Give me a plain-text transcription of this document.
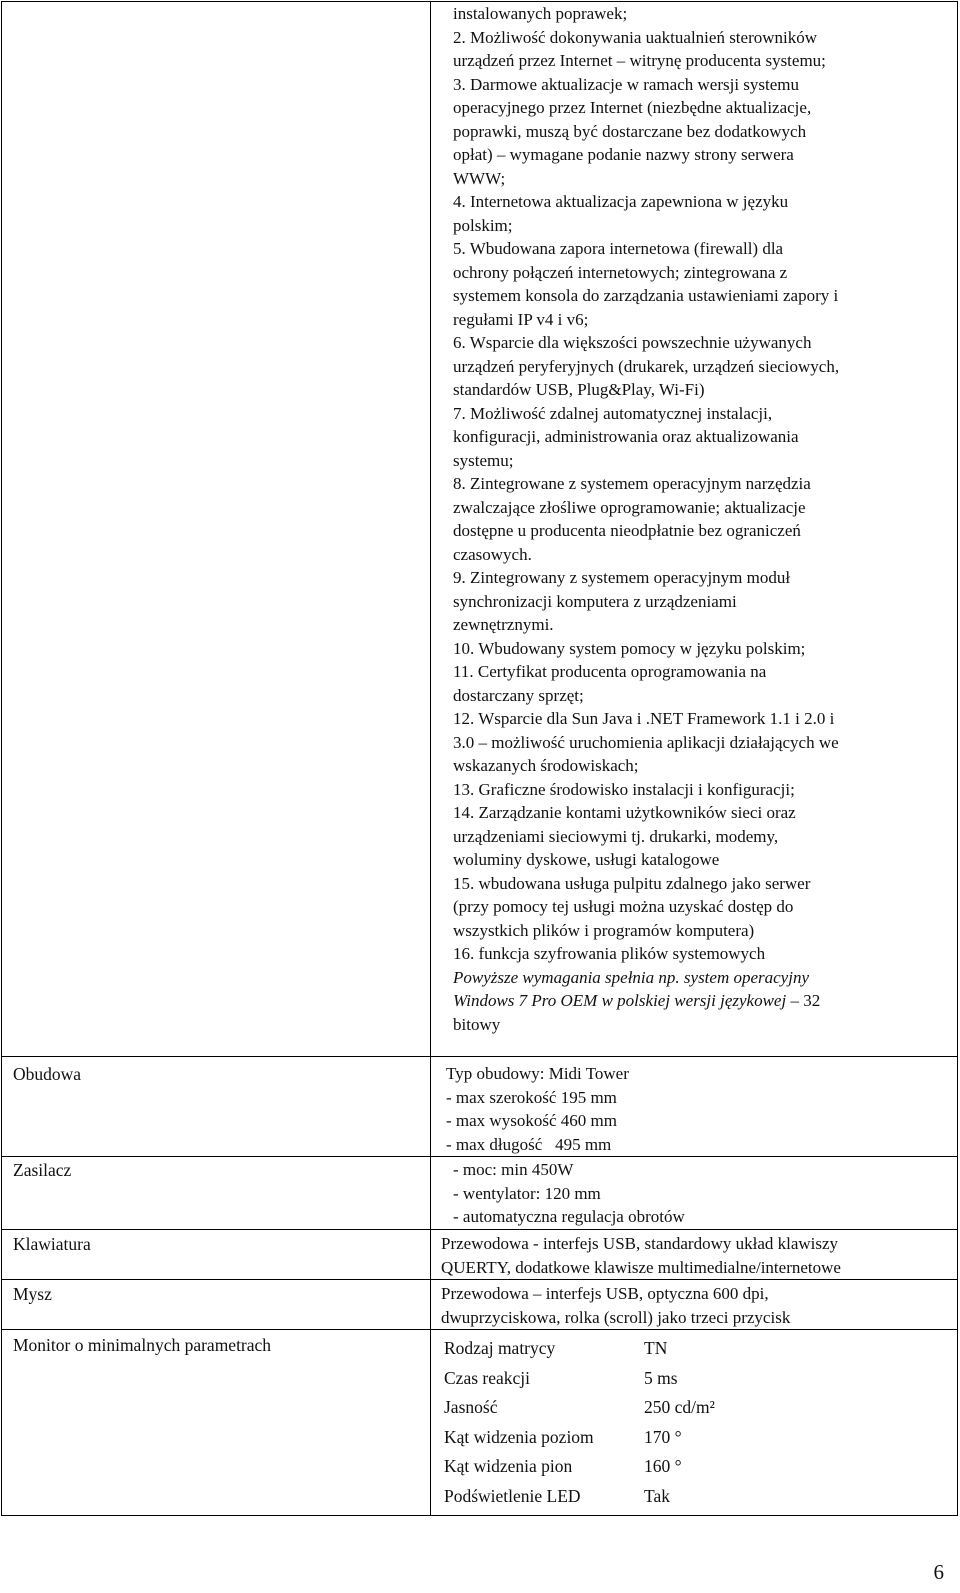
instalowanych poprawek;
2. Możliwość dokonywania uaktualnień sterowników
urządzeń przez Internet – witrynę producenta systemu;
3. Darmowe aktualizacje w ramach wersji systemu
operacyjnego przez Internet (niezbędne aktualizacje,
poprawki, muszą być dostarczane bez dodatkowych
opłat) – wymagane podanie nazwy strony serwera
WWW;
4. Internetowa aktualizacja zapewniona w języku
polskim;
5. Wbudowana zapora internetowa (firewall) dla
ochrony połączeń internetowych; zintegrowana z
systemem konsola do zarządzania ustawieniami zapory i
regułami IP v4 i v6;
6. Wsparcie dla większości powszechnie używanych
urządzeń peryferyjnych (drukarek, urządzeń sieciowych,
standardów USB, Plug&Play, Wi-Fi)
7. Możliwość zdalnej automatycznej instalacji,
konfiguracji, administrowania oraz aktualizowania
systemu;
8. Zintegrowane z systemem operacyjnym narzędzia
zwalczające złośliwe oprogramowanie; aktualizacje
dostępne u producenta nieodpłatnie bez ograniczeń
czasowych.
9. Zintegrowany z systemem operacyjnym moduł
synchronizacji komputera z urządzeniami
zewnętrznymi.
10. Wbudowany system pomocy w języku polskim;
11. Certyfikat producenta oprogramowania na
dostarczany sprzęt;
12. Wsparcie dla Sun Java i .NET Framework 1.1 i 2.0 i
3.0 – możliwość uruchomienia aplikacji działających we
wskazanych środowiskach;
13. Graficzne środowisko instalacji i konfiguracji;
14. Zarządzanie kontami użytkowników sieci oraz
urządzeniami sieciowymi tj. drukarki, modemy,
woluminy dyskowe, usługi katalogowe
15. wbudowana usługa pulpitu zdalnego jako serwer
(przy pomocy tej usługi można uzyskać dostęp do
wszystkich plików i programów komputera)
16. funkcja szyfrowania plików systemowych
Powyższe wymagania spełnia np. system operacyjny
Windows 7 Pro OEM w polskiej wersji językowej – 32
bitowy

Obudowa	Typ obudowy: Midi Tower
- max szerokość 195 mm
- max wysokość 460 mm
- max długość   495 mm

Zasilacz	- moc: min 450W
- wentylator: 120 mm
- automatyczna regulacja obrotów

Klawiatura	Przewodowa - interfejs USB, standardowy układ klawiszy
QUERTY, dodatkowe klawisze multimedialne/internetowe

Mysz	Przewodowa – interfejs USB, optyczna 600 dpi,
dwuprzyciskowa, rolka (scroll) jako trzeci przycisk

Monitor o minimalnych parametrach
		Rodzaj matrycy	TN
Czas reakcji	5 ms
Jasność	250 cd/m²
Kąt widzenia poziom	170 °
Kąt widzenia pion	160 °
Podświetlenie LED	Tak
6
